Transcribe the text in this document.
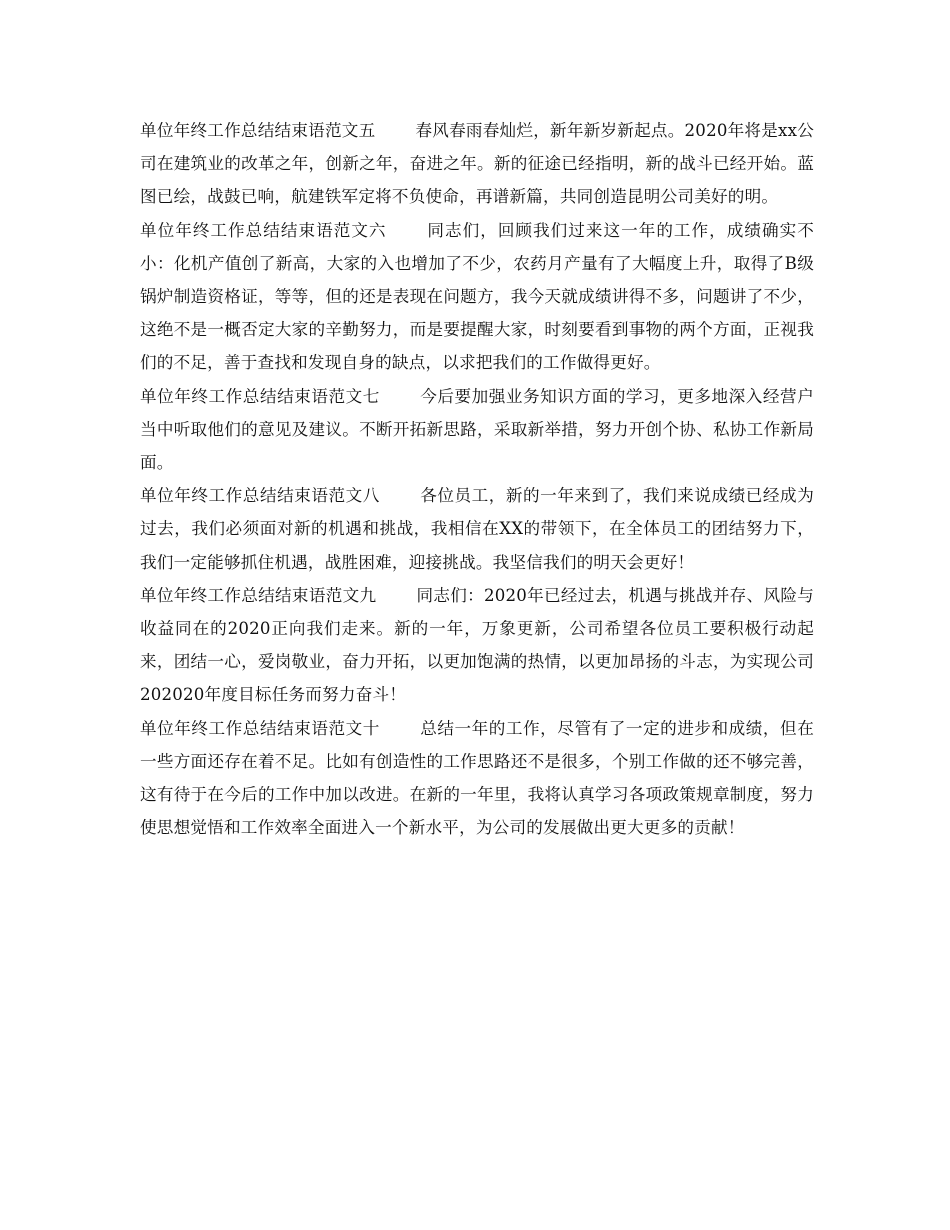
单位年终工作总结结束语范文五 春风春雨春灿烂，新年新岁新起点。2020年将是xx公司在建筑业的改革之年，创新之年，奋进之年。新的征途已经指明，新的战斗已经开始。蓝图已绘，战鼓已响，航建铁军定将不负使命，再谱新篇，共同创造昆明公司美好的明。

单位年终工作总结结束语范文六 同志们，回顾我们过来这一年的工作，成绩确实不小：化机产值创了新高，大家的入也增加了不少，农药月产量有了大幅度上升，取得了B级锅炉制造资格证，等等，但的还是表现在问题方，我今天就成绩讲得不多，问题讲了不少，这绝不是一概否定大家的辛勤努力，而是要提醒大家，时刻要看到事物的两个方面，正视我们的不足，善于查找和发现自身的缺点，以求把我们的工作做得更好。

单位年终工作总结结束语范文七 今后要加强业务知识方面的学习，更多地深入经营户当中听取他们的意见及建议。不断开拓新思路，采取新举措，努力开创个协、私协工作新局面。

单位年终工作总结结束语范文八 各位员工，新的一年来到了，我们来说成绩已经成为过去，我们必须面对新的机遇和挑战，我相信在XX的带领下，在全体员工的团结努力下，我们一定能够抓住机遇，战胜困难，迎接挑战。我坚信我们的明天会更好！

单位年终工作总结结束语范文九 同志们：2020年已经过去，机遇与挑战并存、风险与收益同在的2020正向我们走来。新的一年，万象更新，公司希望各位员工要积极行动起来，团结一心，爱岗敬业，奋力开拓，以更加饱满的热情，以更加昂扬的斗志，为实现公司202020年度目标任务而努力奋斗！

单位年终工作总结结束语范文十 总结一年的工作，尽管有了一定的进步和成绩，但在一些方面还存在着不足。比如有创造性的工作思路还不是很多，个别工作做的还不够完善，这有待于在今后的工作中加以改进。在新的一年里，我将认真学习各项政策规章制度，努力使思想觉悟和工作效率全面进入一个新水平，为公司的发展做出更大更多的贡献！
